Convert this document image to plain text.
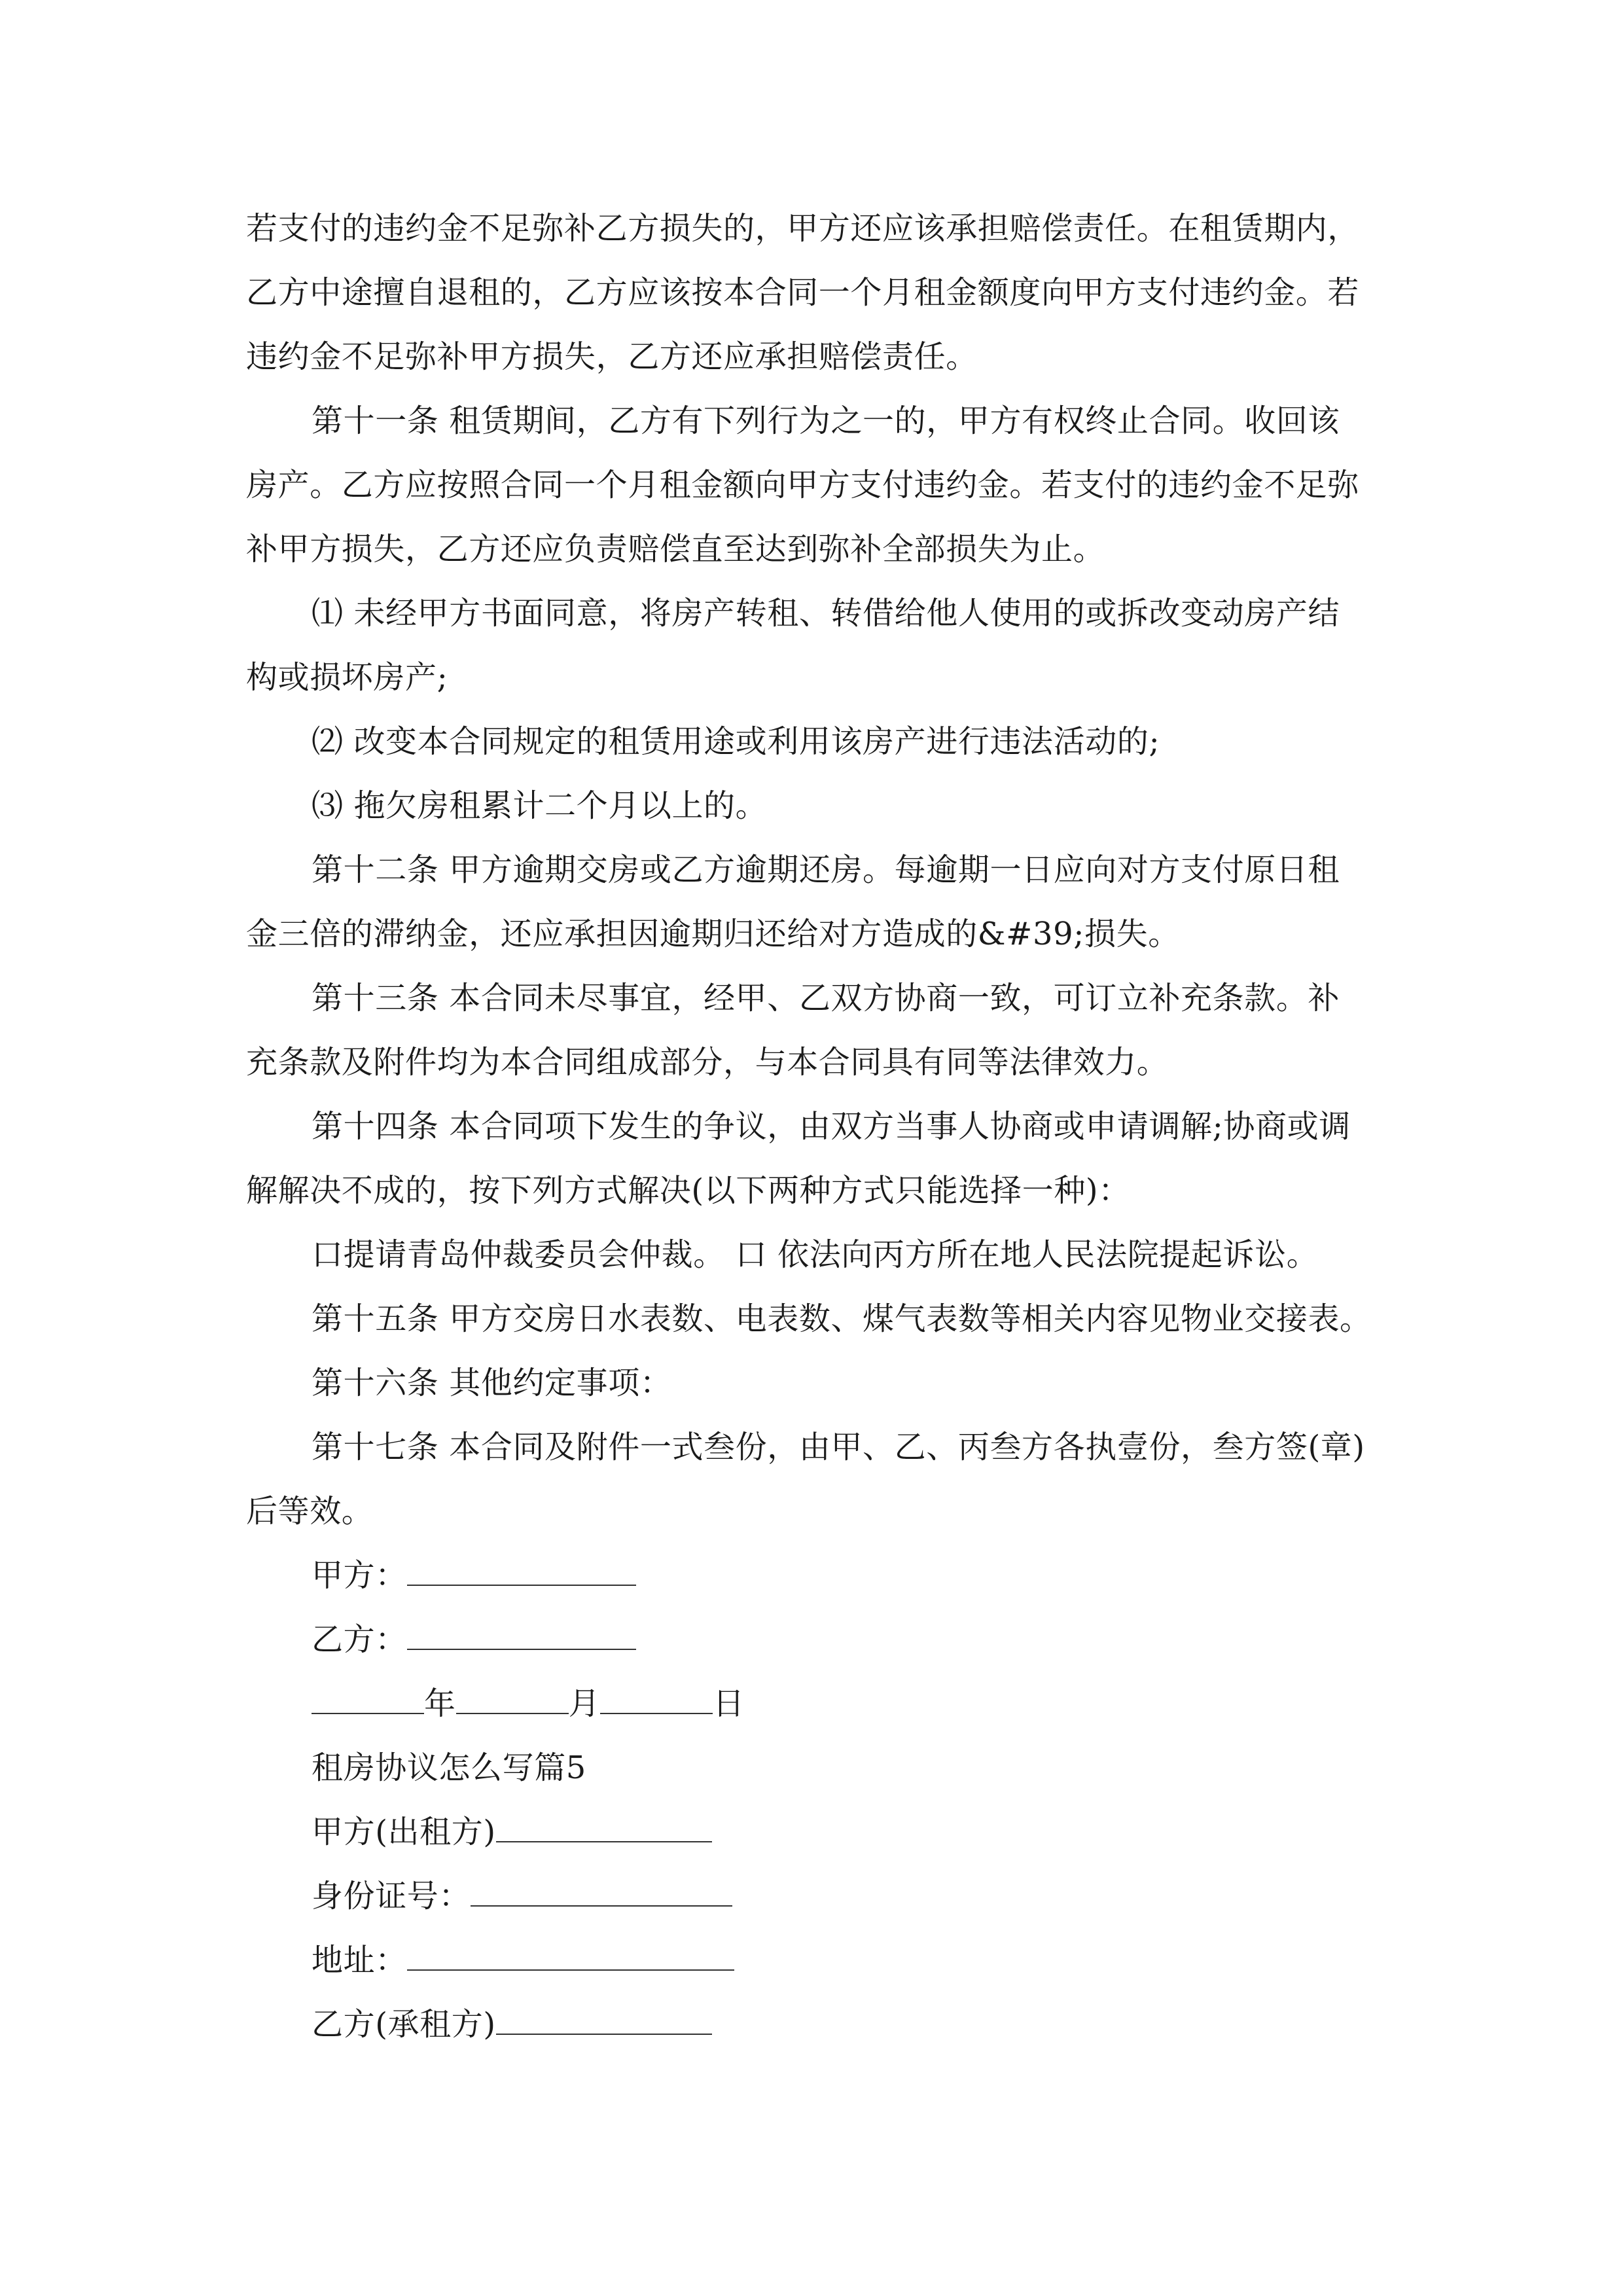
若支付的违约金不足弥补乙方损失的，甲方还应该承担赔偿责任。在租赁期内，
乙方中途擅自退租的，乙方应该按本合同一个月租金额度向甲方支付违约金。若
违约金不足弥补甲方损失，乙方还应承担赔偿责任。
第十一条 租赁期间，乙方有下列行为之一的，甲方有权终止合同。收回该
房产。乙方应按照合同一个月租金额向甲方支付违约金。若支付的违约金不足弥
补甲方损失，乙方还应负责赔偿直至达到弥补全部损失为止。
⑴ 未经甲方书面同意，将房产转租、转借给他人使用的或拆改变动房产结
构或损坏房产;
⑵ 改变本合同规定的租赁用途或利用该房产进行违法活动的;
⑶ 拖欠房租累计二个月以上的。
第十二条 甲方逾期交房或乙方逾期还房。每逾期一日应向对方支付原日租
金三倍的滞纳金，还应承担因逾期归还给对方造成的&#39;损失。
第十三条 本合同未尽事宜，经甲、乙双方协商一致，可订立补充条款。补
充条款及附件均为本合同组成部分，与本合同具有同等法律效力。
第十四条 本合同项下发生的争议，由双方当事人协商或申请调解;协商或调
解解决不成的，按下列方式解决(以下两种方式只能选择一种)：
口提请青岛仲裁委员会仲裁。 口 依法向丙方所在地人民法院提起诉讼。
第十五条 甲方交房日水表数、电表数、煤气表数等相关内容见物业交接表。
第十六条 其他约定事项：
第十七条 本合同及附件一式叁份，由甲、乙、丙叁方各执壹份，叁方签(章)
后等效。
甲方：
乙方：
年	月	日
租房协议怎么写篇5
甲方(出租方)
身份证号：
地址：
乙方(承租方)
